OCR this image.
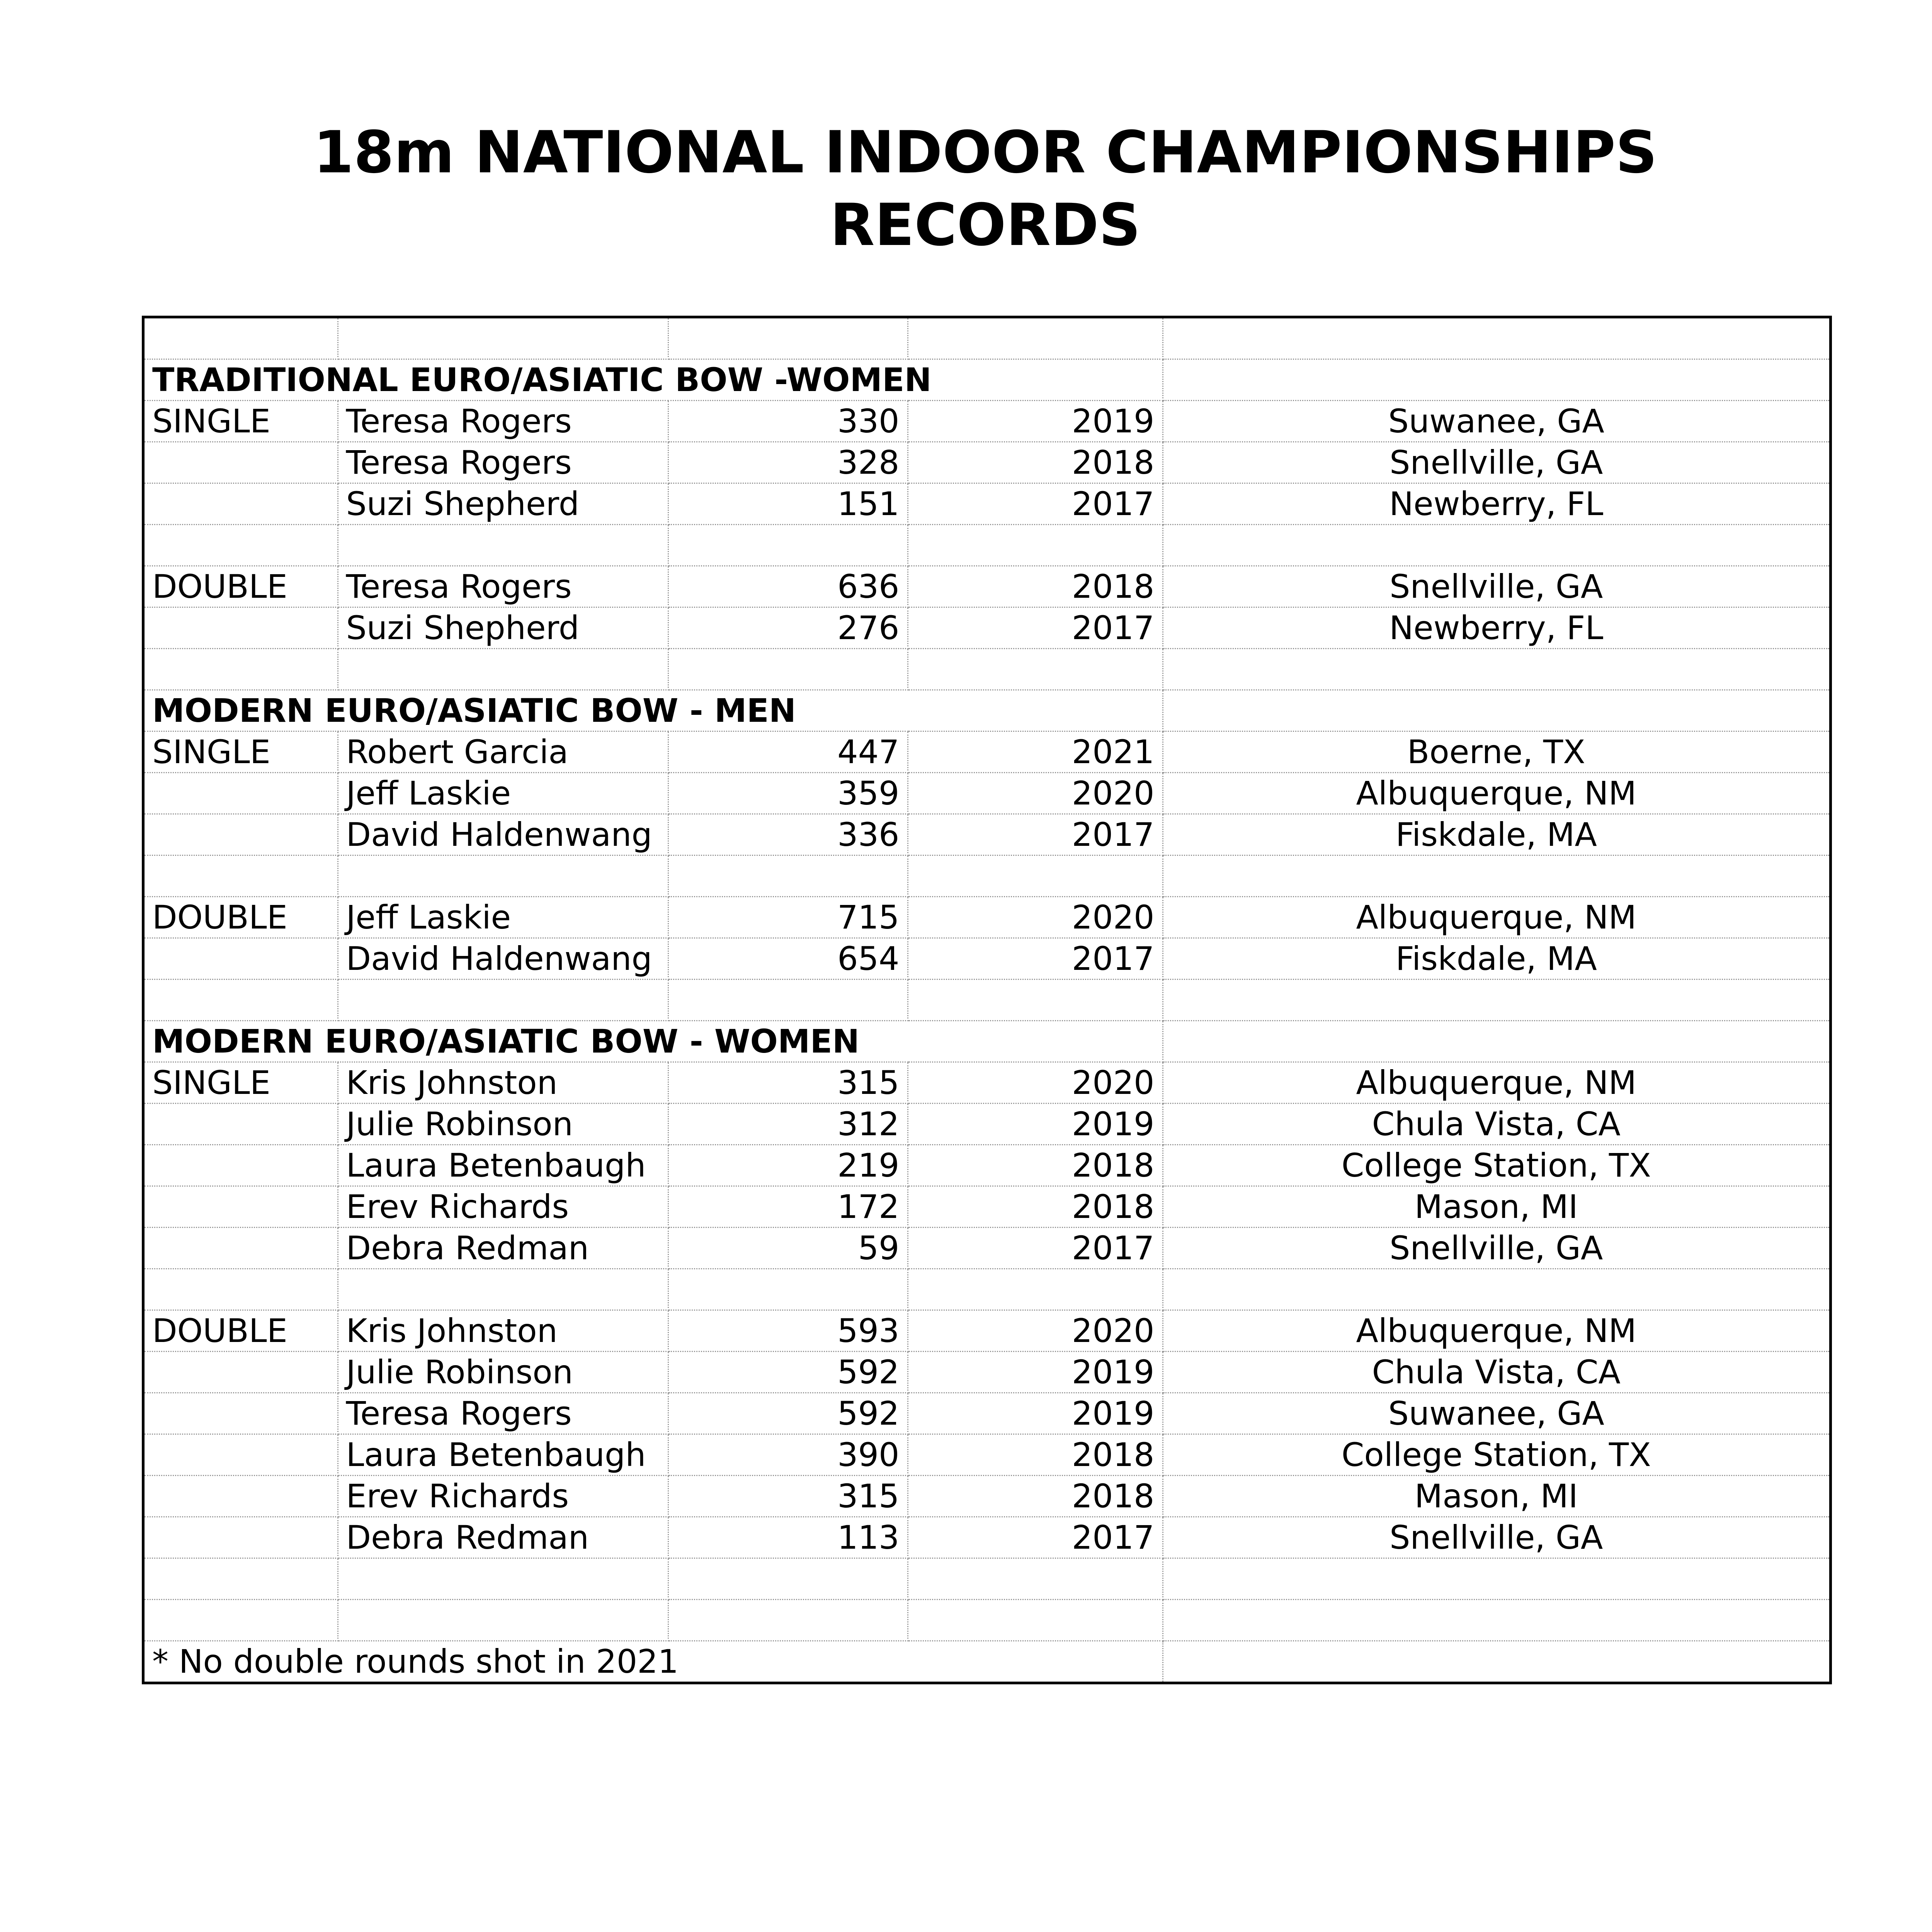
18m NATIONAL INDOOR CHAMPIONSHIPS
RECORDS

TRADITIONAL EURO/ASIATIC BOW -WOMEN				
SINGLE	Teresa Rogers	330	2019	Suwanee, GA
	Teresa Rogers	328	2018	Snellville, GA
	Suzi Shepherd	151	2017	Newberry, FL

DOUBLE	Teresa Rogers	636	2018	Snellville, GA
	Suzi Shepherd	276	2017	Newberry, FL

MODERN EURO/ASIATIC BOW - MEN				
SINGLE	Robert Garcia	447	2021	Boerne, TX
	Jeff Laskie	359	2020	Albuquerque, NM
	David Haldenwang	336	2017	Fiskdale, MA

DOUBLE	Jeff Laskie	715	2020	Albuquerque, NM
	David Haldenwang	654	2017	Fiskdale, MA

MODERN EURO/ASIATIC BOW - WOMEN				
SINGLE	Kris Johnston	315	2020	Albuquerque, NM
	Julie Robinson	312	2019	Chula Vista, CA
	Laura Betenbaugh	219	2018	College Station, TX
	Erev Richards	172	2018	Mason, MI
	Debra Redman	59	2017	Snellville, GA

DOUBLE	Kris Johnston	593	2020	Albuquerque, NM
	Julie Robinson	592	2019	Chula Vista, CA
	Teresa Rogers	592	2019	Suwanee, GA
	Laura Betenbaugh	390	2018	College Station, TX
	Erev Richards	315	2018	Mason, MI
	Debra Redman	113	2017	Snellville, GA

* No double rounds shot in 2021				
